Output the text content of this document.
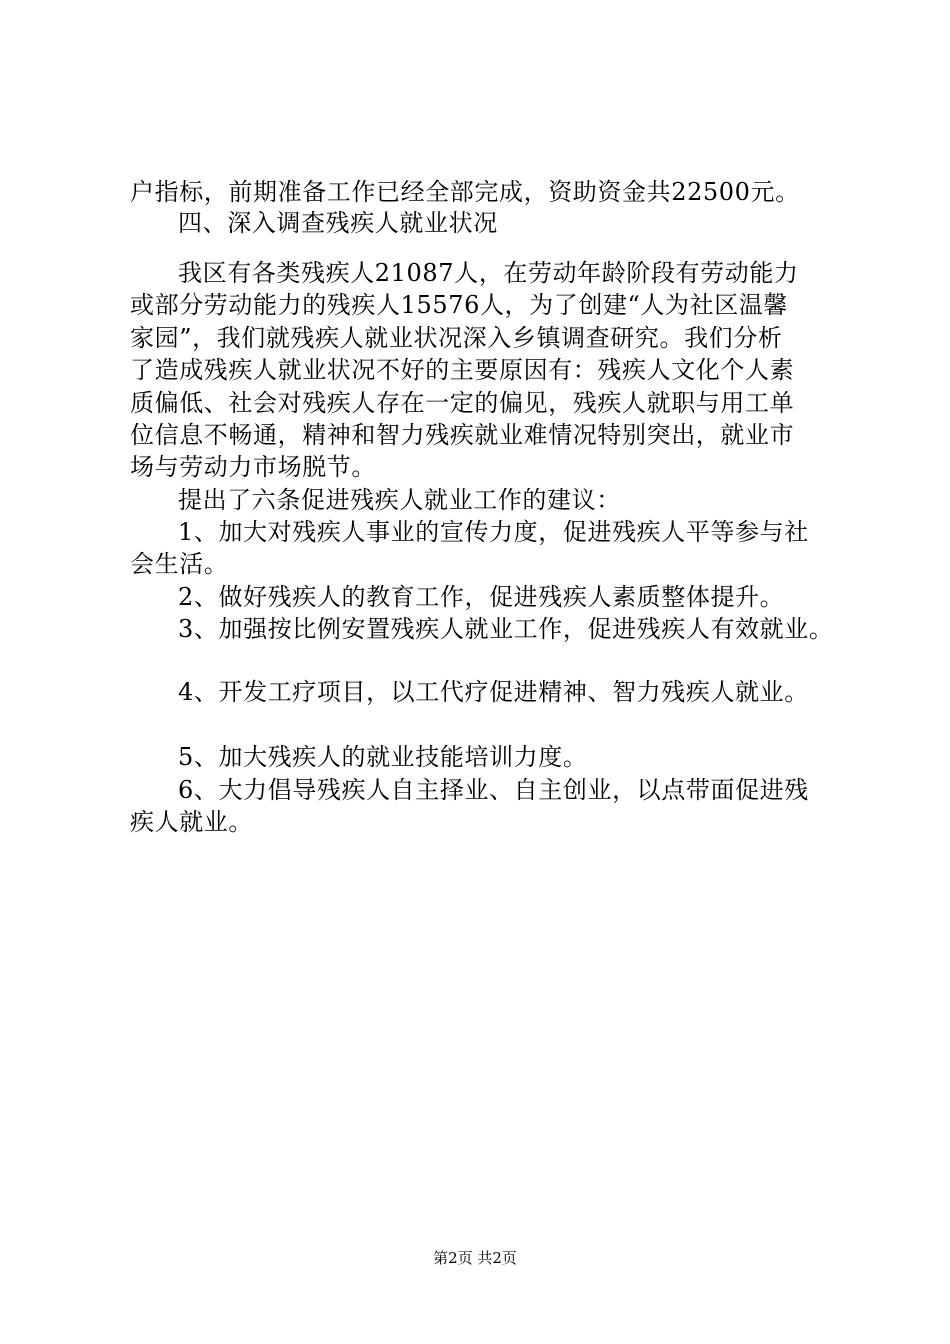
户指标，前期准备工作已经全部完成，资助资金共22500元。
四、深入调查残疾人就业状况
我区有各类残疾人21087人，在劳动年龄阶段有劳动能力
或部分劳动能力的残疾人15576人，为了创建“人为社区温馨
家园”，我们就残疾人就业状况深入乡镇调查研究。我们分析
了造成残疾人就业状况不好的主要原因有：残疾人文化个人素
质偏低、社会对残疾人存在一定的偏见，残疾人就职与用工单
位信息不畅通，精神和智力残疾就业难情况特别突出，就业市
场与劳动力市场脱节。
提出了六条促进残疾人就业工作的建议：
1、加大对残疾人事业的宣传力度，促进残疾人平等参与社
会生活。
2、做好残疾人的教育工作，促进残疾人素质整体提升。
3、加强按比例安置残疾人就业工作，促进残疾人有效就业。
4、开发工疗项目，以工代疗促进精神、智力残疾人就业。
5、加大残疾人的就业技能培训力度。
6、大力倡导残疾人自主择业、自主创业，以点带面促进残
疾人就业。
第2页 共2页
